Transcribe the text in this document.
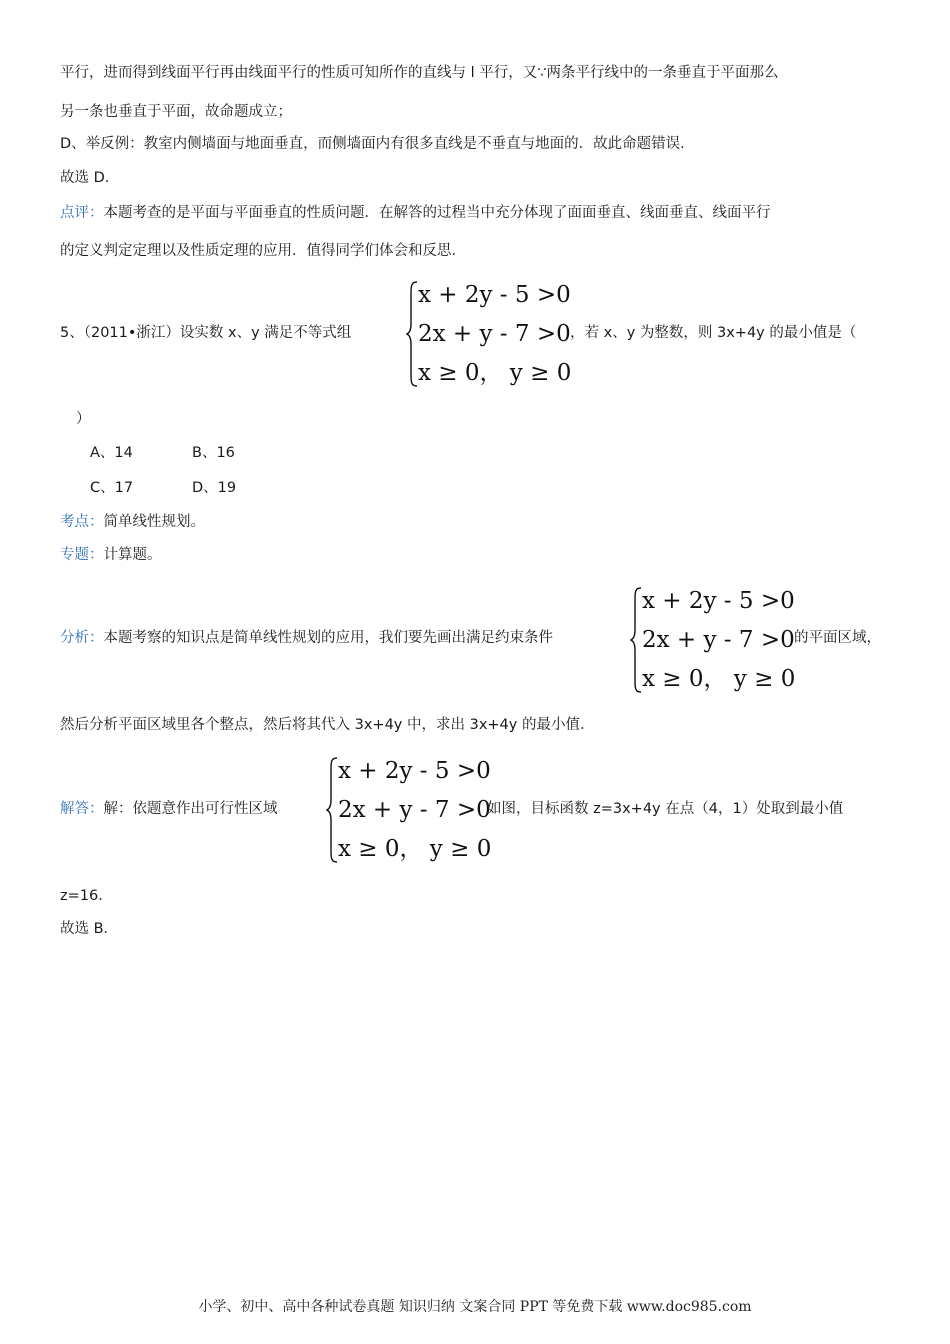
平行，进而得到线面平行再由线面平行的性质可知所作的直线与 l 平行，又∵两条平行线中的一条垂直于平面那么
另一条也垂直于平面，故命题成立；
D、举反例：教室内侧墙面与地面垂直，而侧墙面内有很多直线是不垂直与地面的．故此命题错误．
故选 D．
点评：本题考查的是平面与平面垂直的性质问题．在解答的过程当中充分体现了面面垂直、线面垂直、线面平行
的定义判定定理以及性质定理的应用．值得同学们体会和反思．
5、（2011•浙江）设实数 x、y 满足不等式组
x + 2y - 5 >0
2x + y - 7 >0
x ≥ 0， y ≥ 0
，若 x、y 为整数，则 3x+4y 的最小值是（
）
A、14	B、16
C、17	D、19
考点：简单线性规划。
专题：计算题。
分析：本题考察的知识点是简单线性规划的应用，我们要先画出满足约束条件
x + 2y - 5 >0
2x + y - 7 >0
x ≥ 0， y ≥ 0
的平面区域，
然后分析平面区域里各个整点，然后将其代入 3x+4y 中，求出 3x+4y 的最小值．
解答：解：依题意作出可行性区域
x + 2y - 5 >0
2x + y - 7 >0
x ≥ 0， y ≥ 0
如图，目标函数 z=3x+4y 在点（4，1）处取到最小值
z=16．
故选 B．
小学、初中、高中各种试卷真题 知识归纳 文案合同 PPT 等免费下载 www.doc985.com
